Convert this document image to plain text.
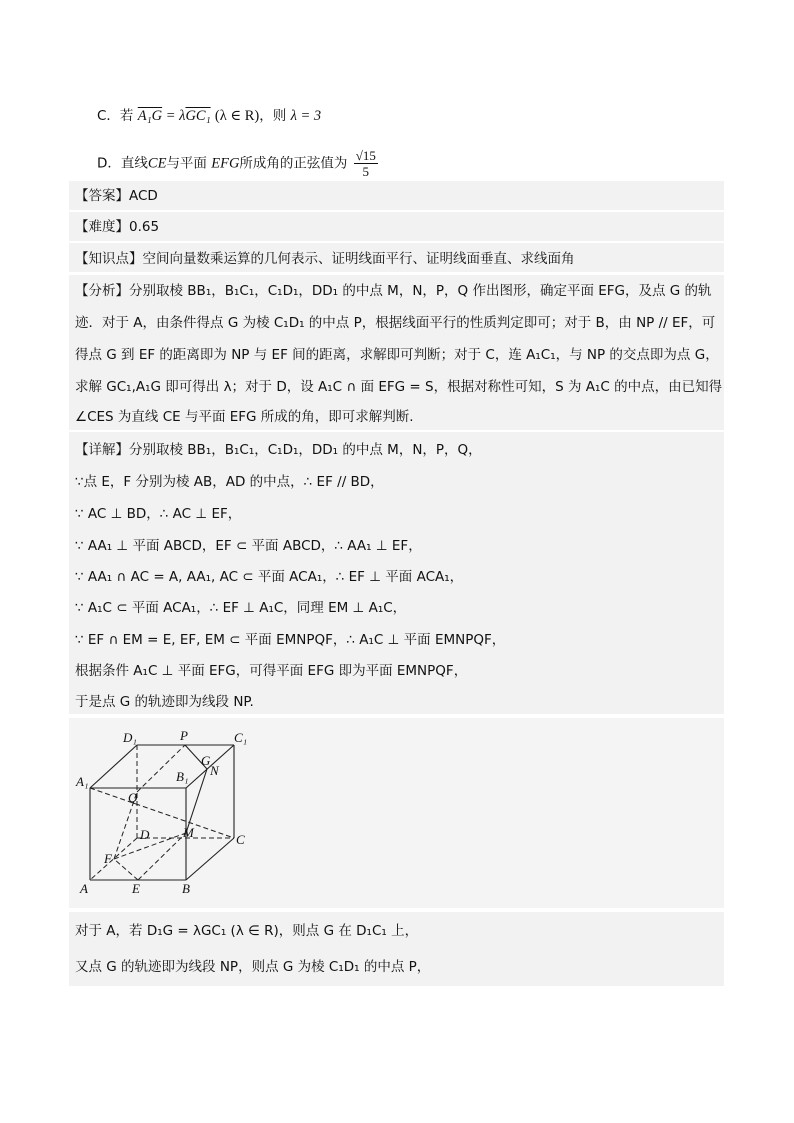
C．若 A₁G = λGC₁ (λ ∈ R)，则 λ = 3
D．直线CE与平面 EFG所成角的正弦值为 $\frac{√15}{5}$
【答案】ACD
【难度】0.65
【知识点】空间向量数乘运算的几何表示、证明线面平行、证明线面垂直、求线面角
【分析】分别取棱 BB₁，B₁C₁，C₁D₁，DD₁ 的中点 M，N，P，Q 作出图形，确定平面 EFG，及点 G 的轨
迹．对于 A，由条件得点 G 为棱 C₁D₁ 的中点 P，根据线面平行的性质判定即可；对于 B，由 NP // EF，可
得点 G 到 EF 的距离即为 NP 与 EF 间的距离，求解即可判断；对于 C，连 A₁C₁，与 NP 的交点即为点 G，
求解 GC₁,A₁G 即可得出 λ；对于 D，设 A₁C ∩ 面 EFG = S，根据对称性可知，S 为 A₁C 的中点，由已知得
∠CES 为直线 CE 与平面 EFG 所成的角，即可求解判断.
【详解】分别取棱 BB₁，B₁C₁，C₁D₁，DD₁ 的中点 M，N，P，Q，
∵点 E，F 分别为棱 AB，AD 的中点，∴ EF // BD，
∵ AC ⊥ BD，∴ AC ⊥ EF，
∵ AA₁ ⊥ 平面 ABCD，EF ⊂ 平面 ABCD，∴ AA₁ ⊥ EF，
∵ AA₁ ∩ AC = A, AA₁, AC ⊂ 平面 ACA₁，∴ EF ⊥ 平面 ACA₁，
∵ A₁C ⊂ 平面 ACA₁，∴ EF ⊥ A₁C，同理 EM ⊥ A₁C，
∵ EF ∩ EM = E, EF, EM ⊂ 平面 EMNPQF，∴ A₁C ⊥ 平面 EMNPQF，
根据条件 A₁C ⊥ 平面 EFG，可得平面 EFG 即为平面 EMNPQF，
于是点 G 的轨迹即为线段 NP.
D₁	P	C₁
G
N
B₁
A₁
Q
D	M	C
F
A	E	B
对于 A，若 D₁G = λGC₁ (λ ∈ R)，则点 G 在 D₁C₁ 上，
又点 G 的轨迹即为线段 NP，则点 G 为棱 C₁D₁ 的中点 P，
